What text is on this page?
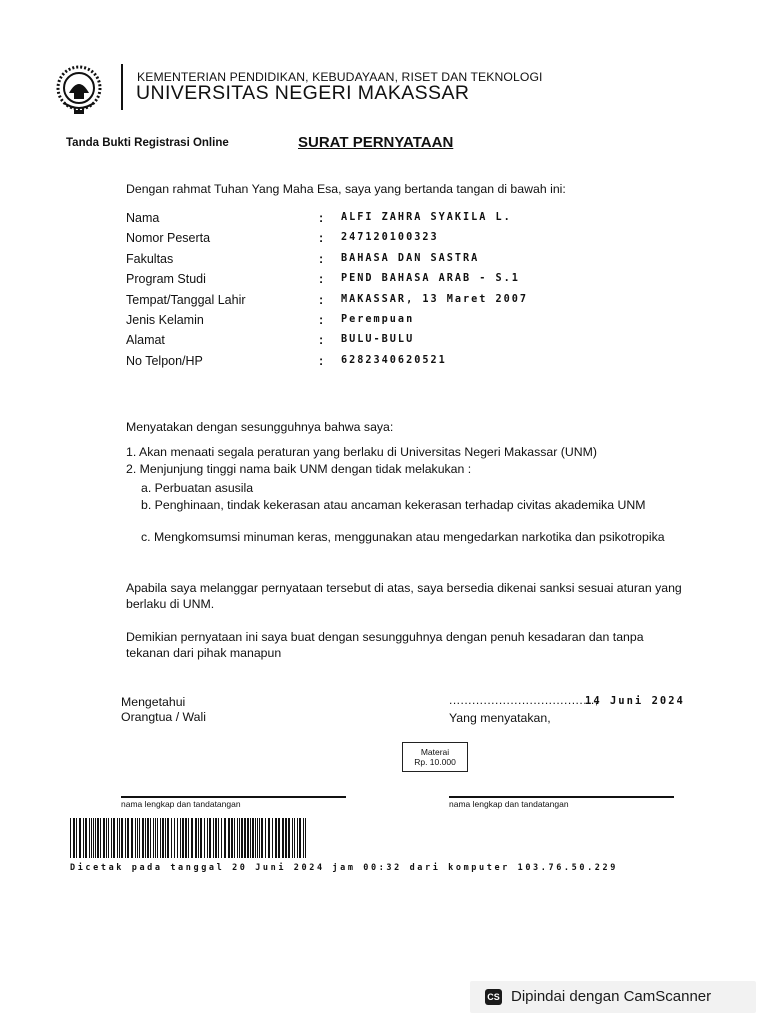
KEMENTERIAN PENDIDIKAN, KEBUDAYAAN, RISET DAN TEKNOLOGI
UNIVERSITAS NEGERI MAKASSAR
Tanda Bukti Registrasi Online	SURAT PERNYATAAN
Dengan rahmat Tuhan Yang Maha Esa, saya yang bertanda tangan di bawah ini:
Nama	: ALFI ZAHRA SYAKILA L.
Nomor Peserta	: 247120100323
Fakultas	: BAHASA DAN SASTRA
Program Studi	: PEND BAHASA ARAB - S.1
Tempat/Tanggal Lahir	: MAKASSAR, 13 Maret 2007
Jenis Kelamin	: Perempuan
Alamat	: BULU-BULU
No Telpon/HP	: 6282340620521
Menyatakan dengan sesungguhnya bahwa saya:
1. Akan menaati segala peraturan yang berlaku di Universitas Negeri Makassar (UNM)
2. Menjunjung tinggi nama baik UNM dengan tidak melakukan :
a. Perbuatan asusila
b. Penghinaan, tindak kekerasan atau ancaman kekerasan terhadap civitas akademika UNM
c. Mengkomsumsi minuman keras, menggunakan atau mengedarkan narkotika dan psikotropika
Apabila saya melanggar pernyataan tersebut di atas, saya bersedia dikenai sanksi sesuai aturan yang berlaku di UNM.
Demikian pernyataan ini saya buat dengan sesungguhnya dengan penuh kesadaran dan tanpa tekanan dari pihak manapun
Mengetahui
Orangtua / Wali
......................................,
14 Juni 2024
Yang menyatakan,
Materai
Rp. 10.000
nama lengkap dan tandatangan	nama lengkap dan tandatangan
Dicetak pada tanggal 20 Juni 2024 jam 00:32 dari komputer 103.76.50.229
CS Dipindai dengan CamScanner
